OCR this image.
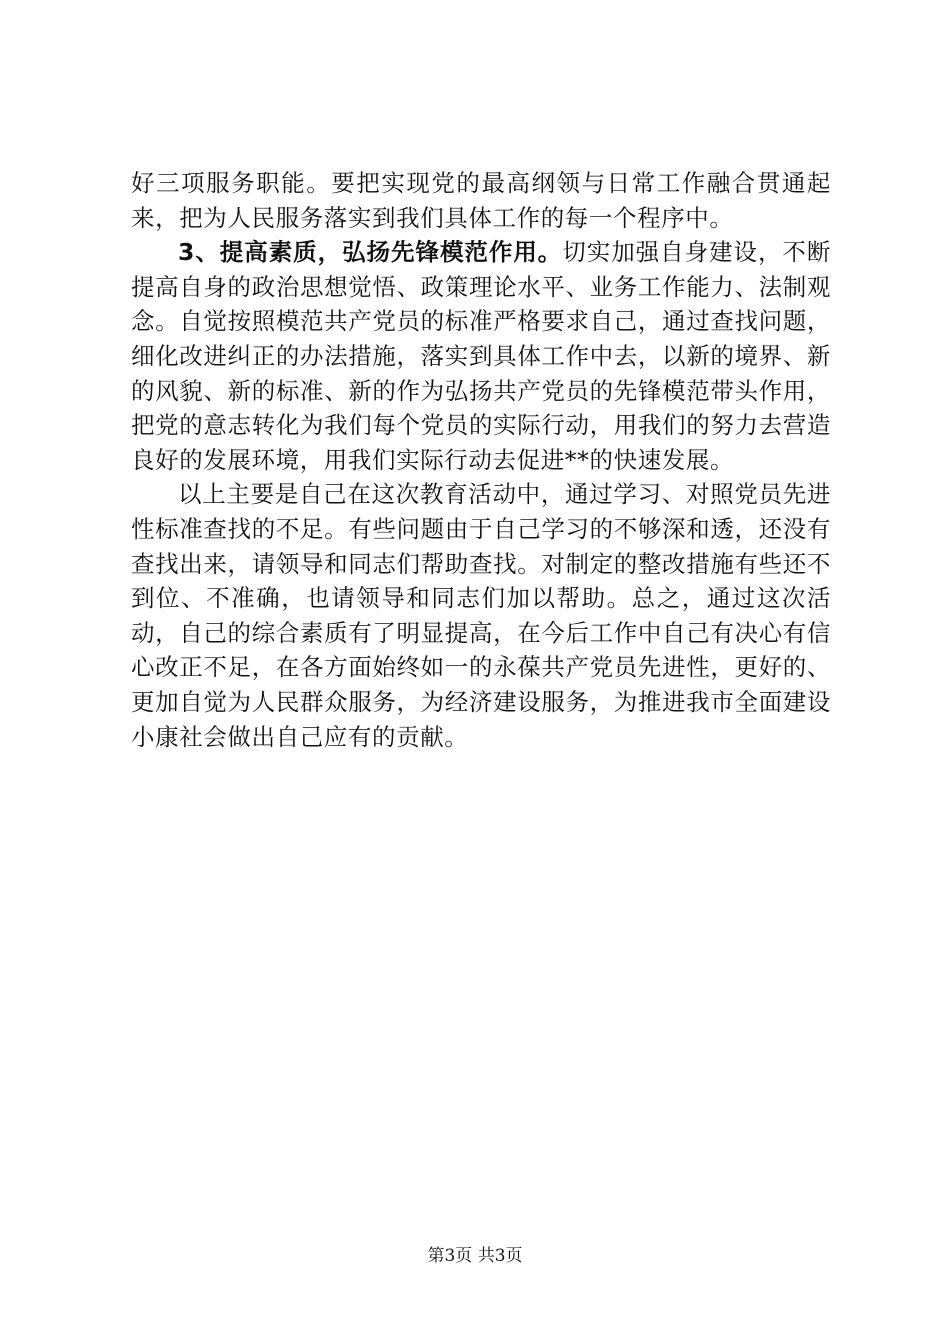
好三项服务职能。要把实现党的最高纲领与日常工作融合贯通起来，把为人民服务落实到我们具体工作的每一个程序中。

3、提高素质，弘扬先锋模范作用。切实加强自身建设，不断提高自身的政治思想觉悟、政策理论水平、业务工作能力、法制观念。自觉按照模范共产党员的标准严格要求自己，通过查找问题，细化改进纠正的办法措施，落实到具体工作中去，以新的境界、新的风貌、新的标准、新的作为弘扬共产党员的先锋模范带头作用，把党的意志转化为我们每个党员的实际行动，用我们的努力去营造良好的发展环境，用我们实际行动去促进**的快速发展。

以上主要是自己在这次教育活动中，通过学习、对照党员先进性标准查找的不足。有些问题由于自己学习的不够深和透，还没有查找出来，请领导和同志们帮助查找。对制定的整改措施有些还不到位、不准确，也请领导和同志们加以帮助。总之，通过这次活动，自己的综合素质有了明显提高，在今后工作中自己有决心有信心改正不足，在各方面始终如一的永葆共产党员先进性，更好的、更加自觉为人民群众服务，为经济建设服务，为推进我市全面建设小康社会做出自己应有的贡献。

第3页 共3页
